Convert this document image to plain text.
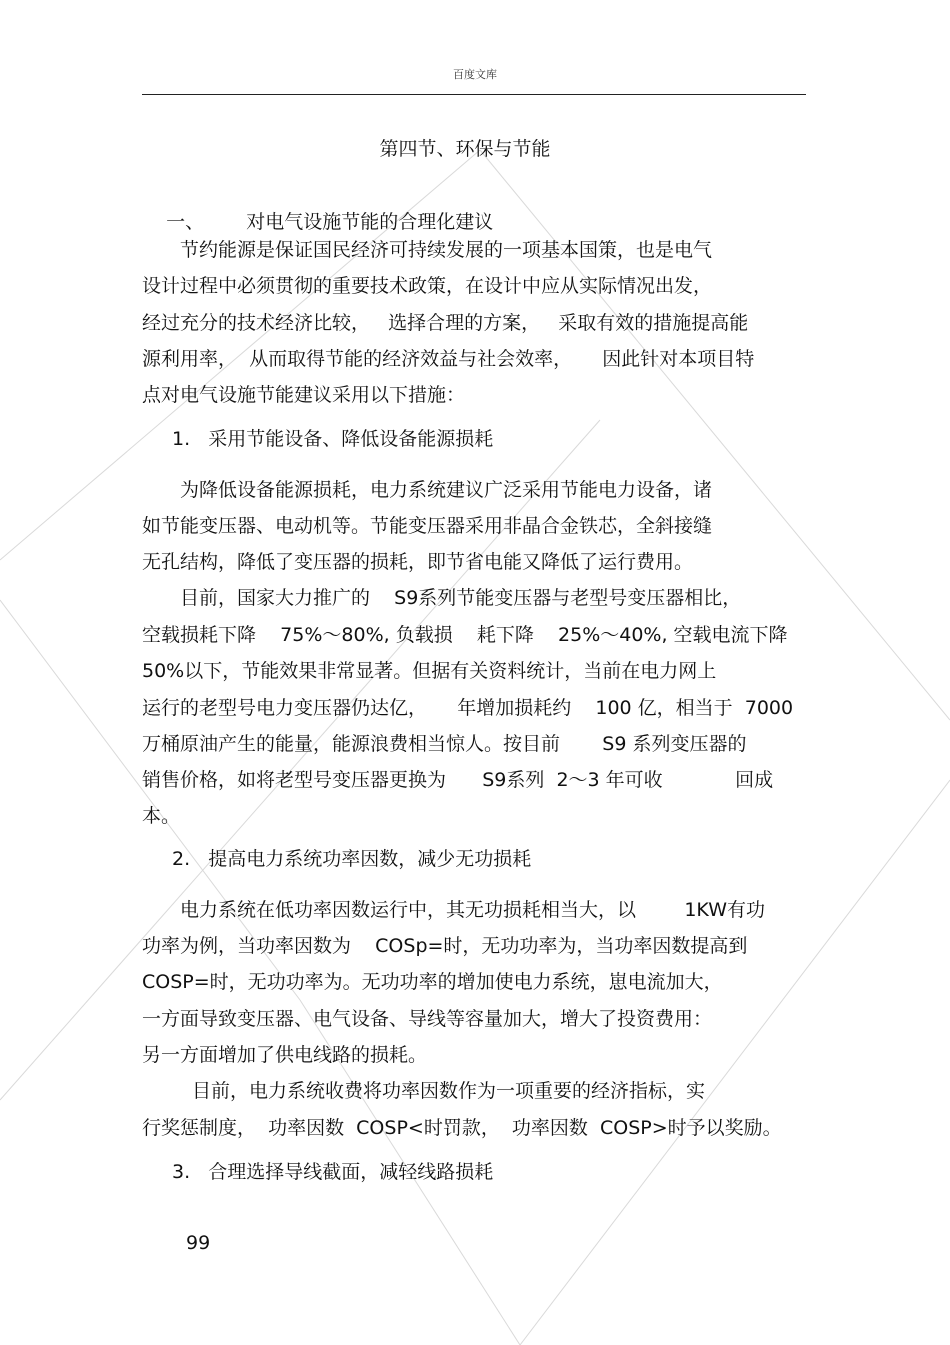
百度文库
第四节、环保与节能

一、 对电气设施节能的合理化建议

节约能源是保证国民经济可持续发展的一项基本国策，也是电气
设计过程中必须贯彻的重要技术政策，在设计中应从实际情况出发，
经过充分的技术经济比较，   选择合理的方案，   采取有效的措施提高能
源利用率，  从而取得节能的经济效益与社会效率，     因此针对本项目特
点对电气设施节能建议采用以下措施：
1.   采用节能设备、降低设备能源损耗
为降低设备能源损耗，电力系统建议广泛采用节能电力设备，诸
如节能变压器、电动机等。节能变压器采用非晶合金铁芯，全斜接缝
无孔结构，降低了变压器的损耗，即节省电能又降低了运行费用。
目前，国家大力推广的    S9系列节能变压器与老型号变压器相比，
空载损耗下降    75%～80%, 负载损    耗下降    25%～40%, 空载电流下降
50%以下，节能效果非常显著。但据有关资料统计，当前在电力网上
运行的老型号电力变压器仍达亿，     年增加损耗约    100 亿，相当于  7000
万桶原油产生的能量，能源浪费相当惊人。按目前       S9 系列变压器的
销售价格，如将老型号变压器更换为      S9系列  2～3 年可收            回成
本。
2.   提高电力系统功率因数，减少无功损耗
电力系统在低功率因数运行中，其无功损耗相当大，以        1KW有功
功率为例，当功率因数为    COSp=时，无功功率为，当功率因数提高到
COSP=时，无功功率为。无功功率的增加使电力系统，崽电流加大，
一方面导致变压器、电气设备、导线等容量加大，增大了投资费用：
另一方面增加了供电线路的损耗。
目前，电力系统收费将功率因数作为一项重要的经济指标，实
行奖惩制度，  功率因数  COSP<时罚款，  功率因数  COSP>时予以奖励。
3.   合理选择导线截面，减轻线路损耗
99
